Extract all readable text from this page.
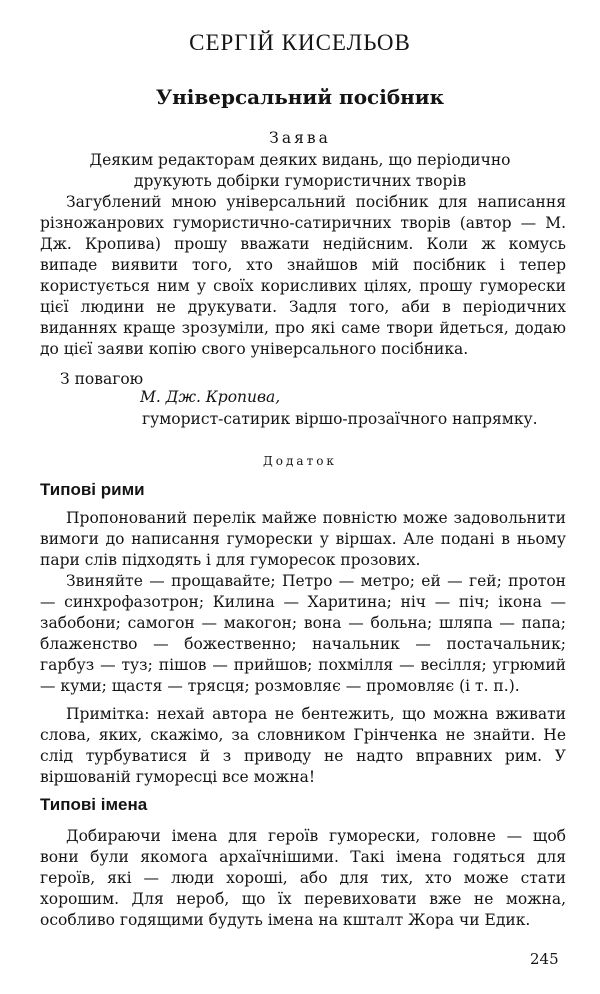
СЕРГІЙ КИСЕЛЬОВ
Універсальний посібник
Заява
Деяким редакторам деяких видань, що періодично друкують добірки гумористичних творів
Загублений мною універсальний посібник для написання різножанрових гумористично-сатиричних творів (автор — М. Дж. Кропива) прошу вважати недійсним. Коли ж комусь випаде виявити того, хто знайшов мій посібник і тепер користується ним у своїх корисливих цілях, прошу гуморески цієї людини не друкувати. Задля того, аби в періодичних виданнях краще зрозуміли, про які саме твори йдеться, додаю до цієї заяви копію свого універсального посібника.
З повагою
М. Дж. Кропива,
гуморист-сатирик віршо-прозаїчного напрямку.
Додаток
Типові рими
Пропонований перелік майже повністю може задовольнити вимоги до написання гуморески у віршах. Але подані в ньому пари слів підходять і для гуморесок прозових.
Звиняйте — прощавайте; Петро — метро; ей — гей; протон — синхрофазотрон; Килина — Харитина; ніч — піч; ікона — забобони; самогон — макогон; вона — больна; шляпа — папа; блаженство — божественно; начальник — постачальник; гарбуз — туз; пішов — прийшов; похмілля — весілля; угрюмий — куми; щастя — трясця; розмовляє — промовляє (і т. п.).
Примітка: нехай автора не бентежить, що можна вживати слова, яких, скажімо, за словником Грінченка не знайти. Не слід турбуватися й з приводу не надто вправних рим. У віршованій гуморесці все можна!
Типові імена
Добираючи імена для героїв гуморески, головне — щоб вони були якомога архаїчнішими. Такі імена годяться для героїв, які — люди хороші, або для тих, хто може стати хорошим. Для нероб, що їх перевиховати вже не можна, особливо годящими будуть імена на кшталт Жора чи Едик.
245
